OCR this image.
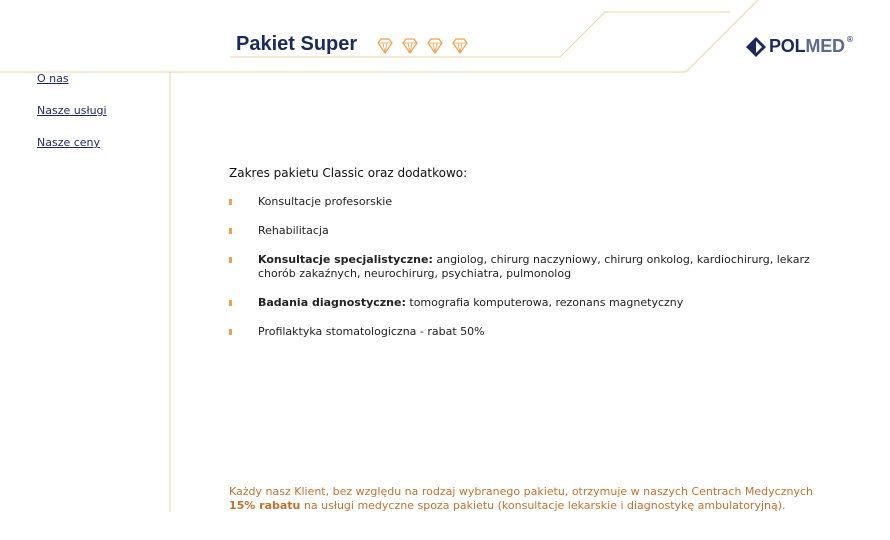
Pakiet Super	POLMED ®
O nas
Nasze usługi
Nasze ceny
Zakres pakietu Classic oraz dodatkowo:
Konsultacje profesorskie
Rehabilitacja
Konsultacje specjalistyczne: angiolog, chirurg naczyniowy, chirurg onkolog, kardiochirurg, lekarz chorób zakaźnych, neurochirurg, psychiatra, pulmonolog
Badania diagnostyczne: tomografia komputerowa, rezonans magnetyczny
Profilaktyka stomatologiczna - rabat 50%
Każdy nasz Klient, bez względu na rodzaj wybranego pakietu, otrzymuje w naszych Centrach Medycznych
15% rabatu na usługi medyczne spoza pakietu (konsultacje lekarskie i diagnostykę ambulatoryjną).
